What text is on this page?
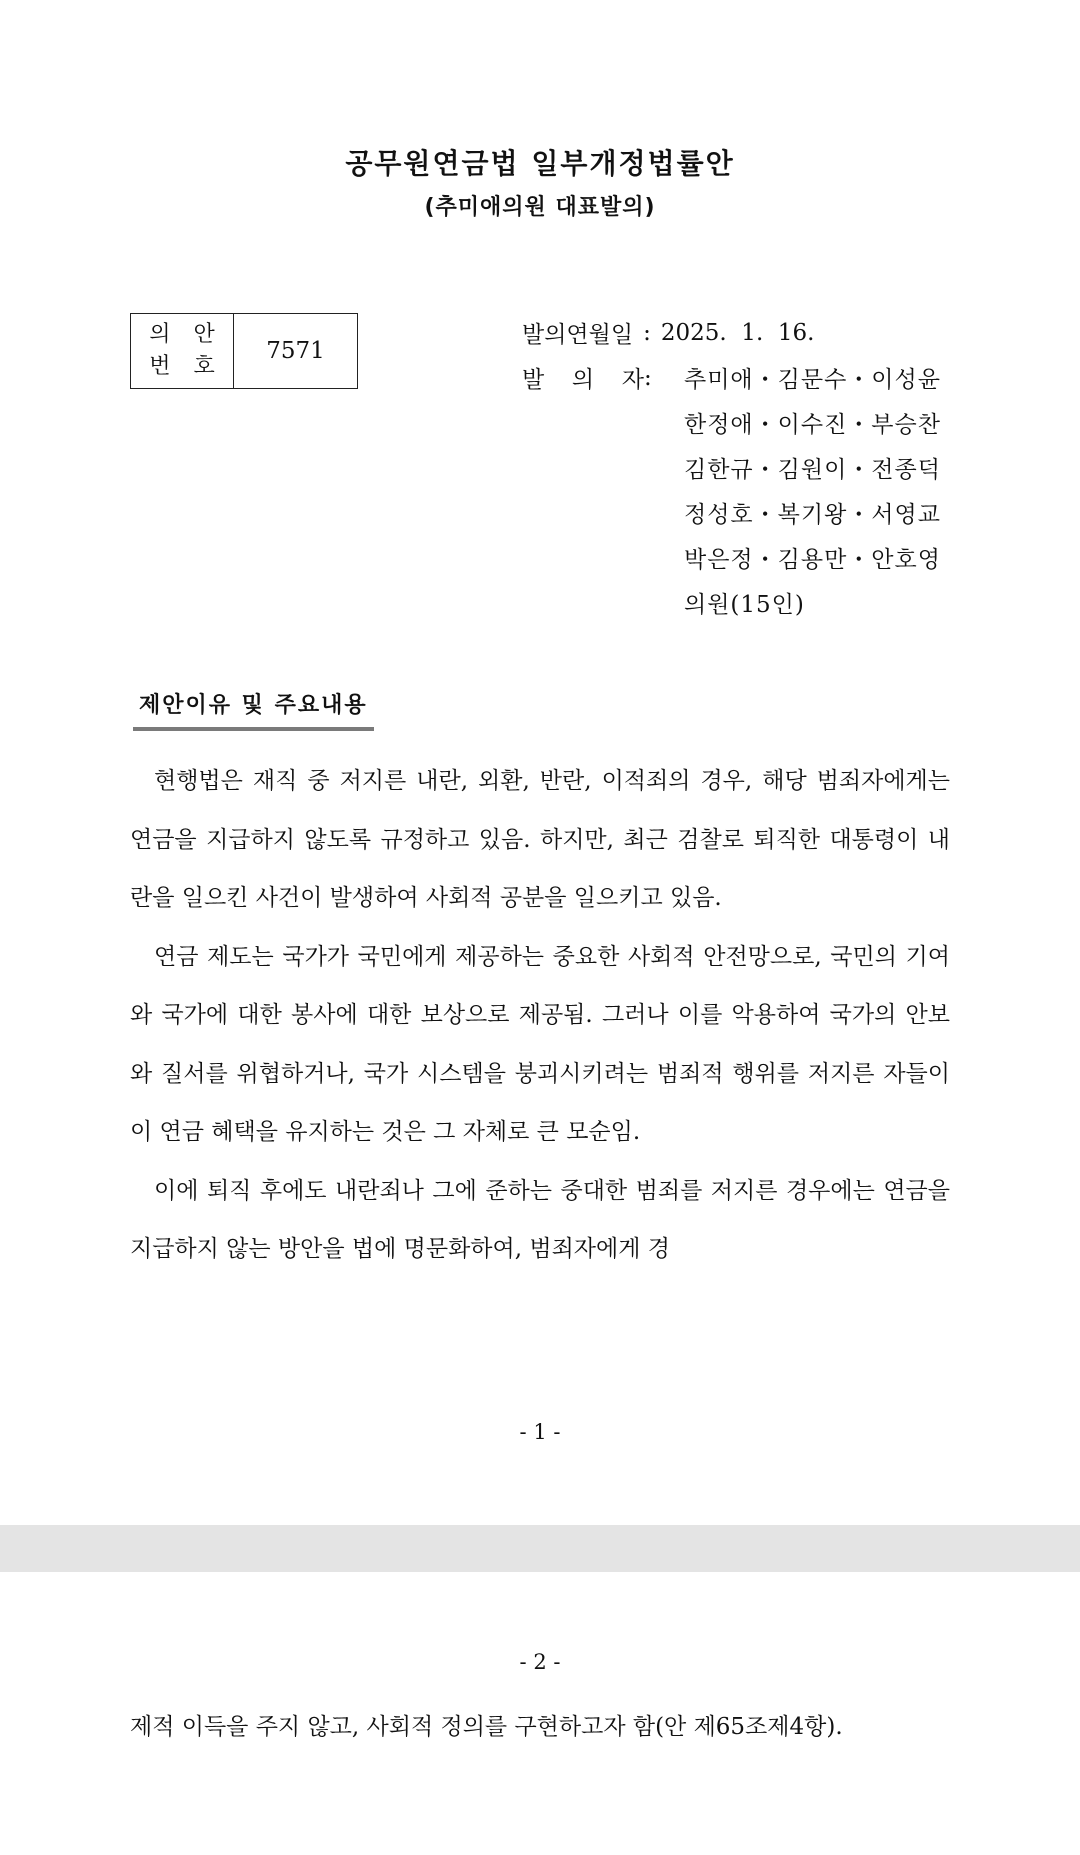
공무원연금법 일부개정법률안
(추미애의원 대표발의)
의 안
번 호
7571
발의연월일 : 2025.  1.  16.
발 의 자 : 추미애・김문수・이성윤
한정애・이수진・부승찬
김한규・김원이・전종덕
정성호・복기왕・서영교
박은정・김용만・안호영
의원(15인)
제안이유 및 주요내용

현행법은 재직 중 저지른 내란, 외환, 반란, 이적죄의 경우, 해당 범죄자에게는 연금을 지급하지 않도록 규정하고 있음. 하지만, 최근 검찰로 퇴직한 대통령이 내란을 일으킨 사건이 발생하여 사회적 공분을 일으키고 있음.

연금 제도는 국가가 국민에게 제공하는 중요한 사회적 안전망으로, 국민의 기여와 국가에 대한 봉사에 대한 보상으로 제공됨. 그러나 이를 악용하여 국가의 안보와 질서를 위협하거나, 국가 시스템을 붕괴시키려는 범죄적 행위를 저지른 자들이 이 연금 혜택을 유지하는 것은 그 자체로 큰 모순임.

이에 퇴직 후에도 내란죄나 그에 준하는 중대한 범죄를 저지른 경우에는 연금을 지급하지 않는 방안을 법에 명문화하여, 범죄자에게 경

- 1 -
- 2 -

제적 이득을 주지 않고, 사회적 정의를 구현하고자 함(안 제65조제4항).
